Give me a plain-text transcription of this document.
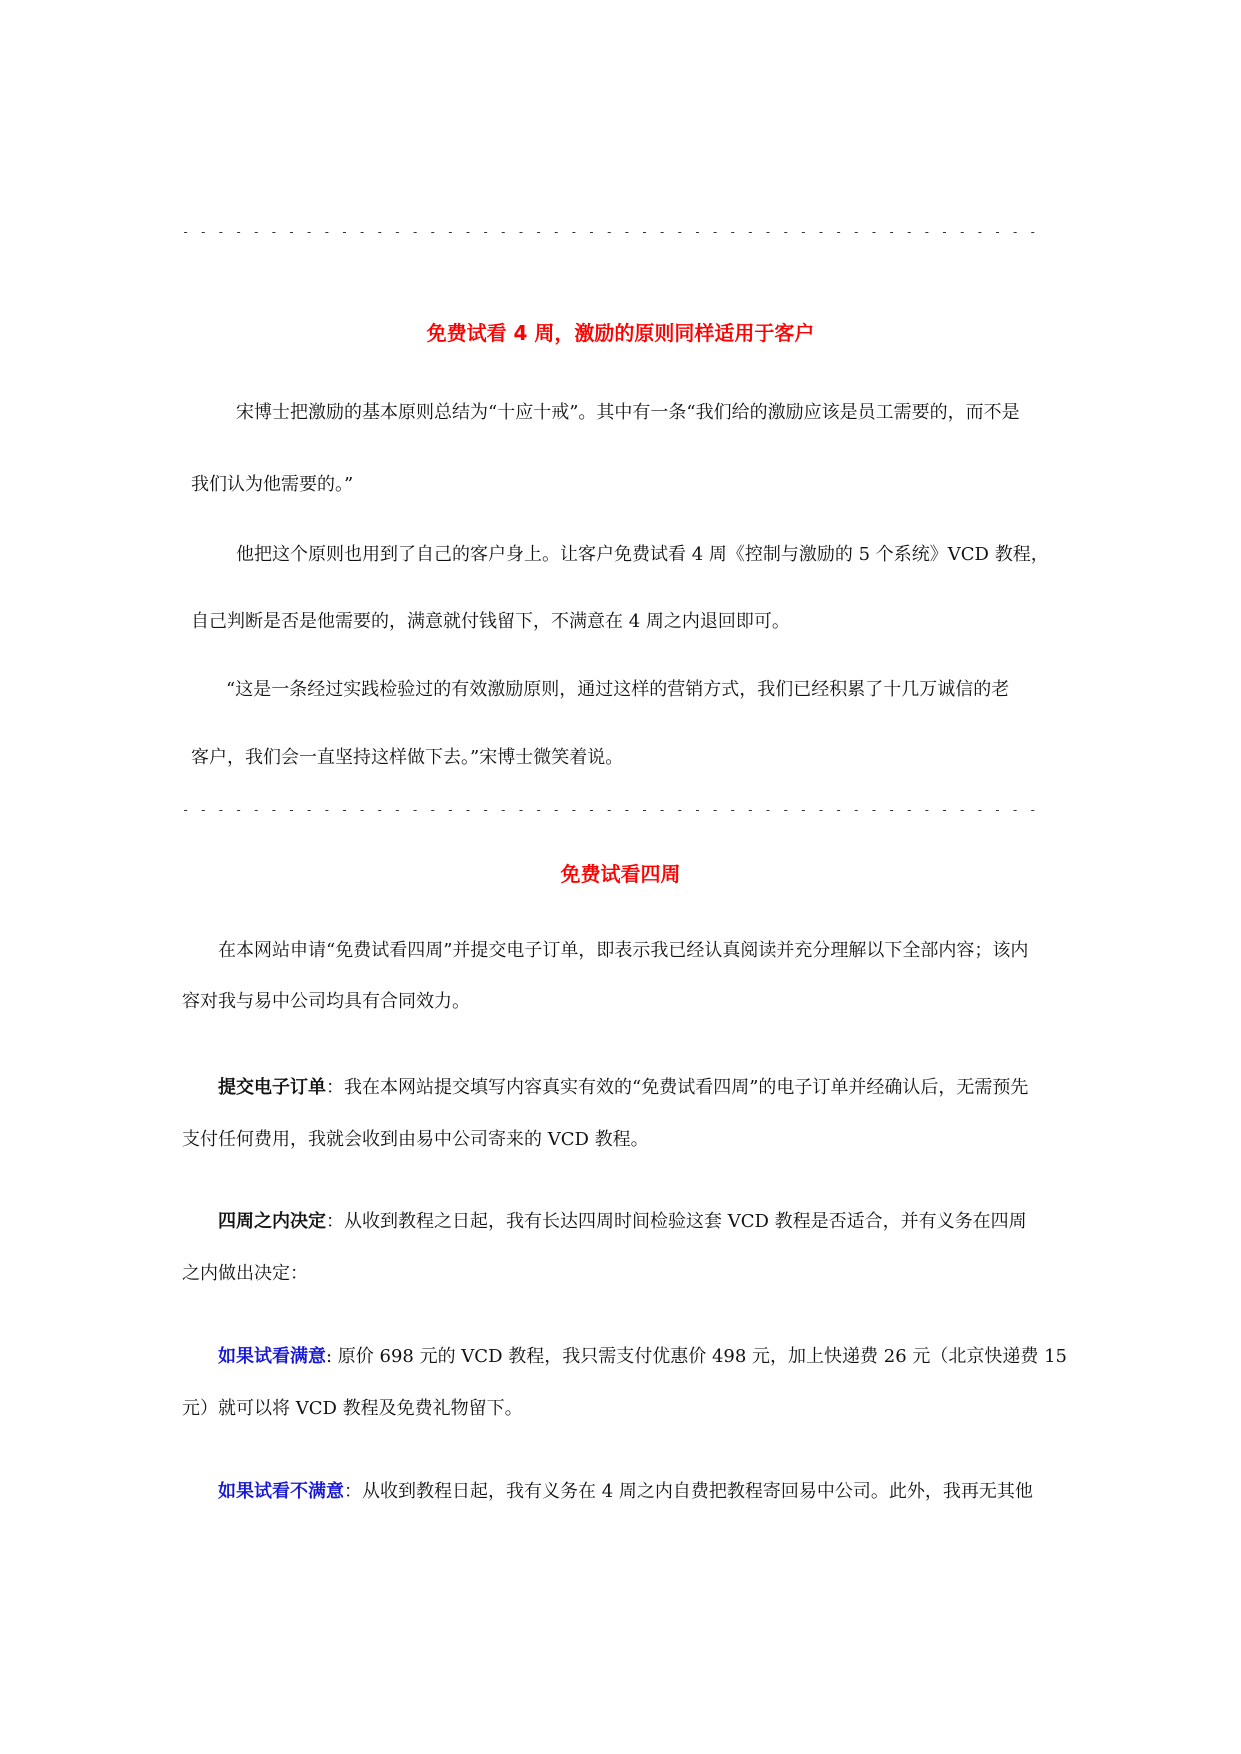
- - -
免费试看 4 周，激励的原则同样适用于客户

宋博士把激励的基本原则总结为“十应十戒”。其中有一条“我们给的激励应该是员工需要的，而不是

我们认为他需要的。”

他把这个原则也用到了自己的客户身上。让客户免费试看 4 周《控制与激励的 5 个系统》VCD 教程，

自己判断是否是他需要的，满意就付钱留下，不满意在 4 周之内退回即可。

“这是一条经过实践检验过的有效激励原则，通过这样的营销方式，我们已经积累了十几万诚信的老

客户，我们会一直坚持这样做下去。”宋博士微笑着说。

- - -
免费试看四周

在本网站申请“免费试看四周”并提交电子订单，即表示我已经认真阅读并充分理解以下全部内容；该内

容对我与易中公司均具有合同效力。

提交电子订单：我在本网站提交填写内容真实有效的“免费试看四周”的电子订单并经确认后，无需预先

支付任何费用，我就会收到由易中公司寄来的 VCD 教程。

四周之内决定：从收到教程之日起，我有长达四周时间检验这套 VCD 教程是否适合，并有义务在四周

之内做出决定：

如果试看满意: 原价 698 元的 VCD 教程，我只需支付优惠价 498 元，加上快递费 26 元（北京快递费 15

元）就可以将 VCD 教程及免费礼物留下。

如果试看不满意：从收到教程日起，我有义务在 4 周之内自费把教程寄回易中公司。此外，我再无其他
